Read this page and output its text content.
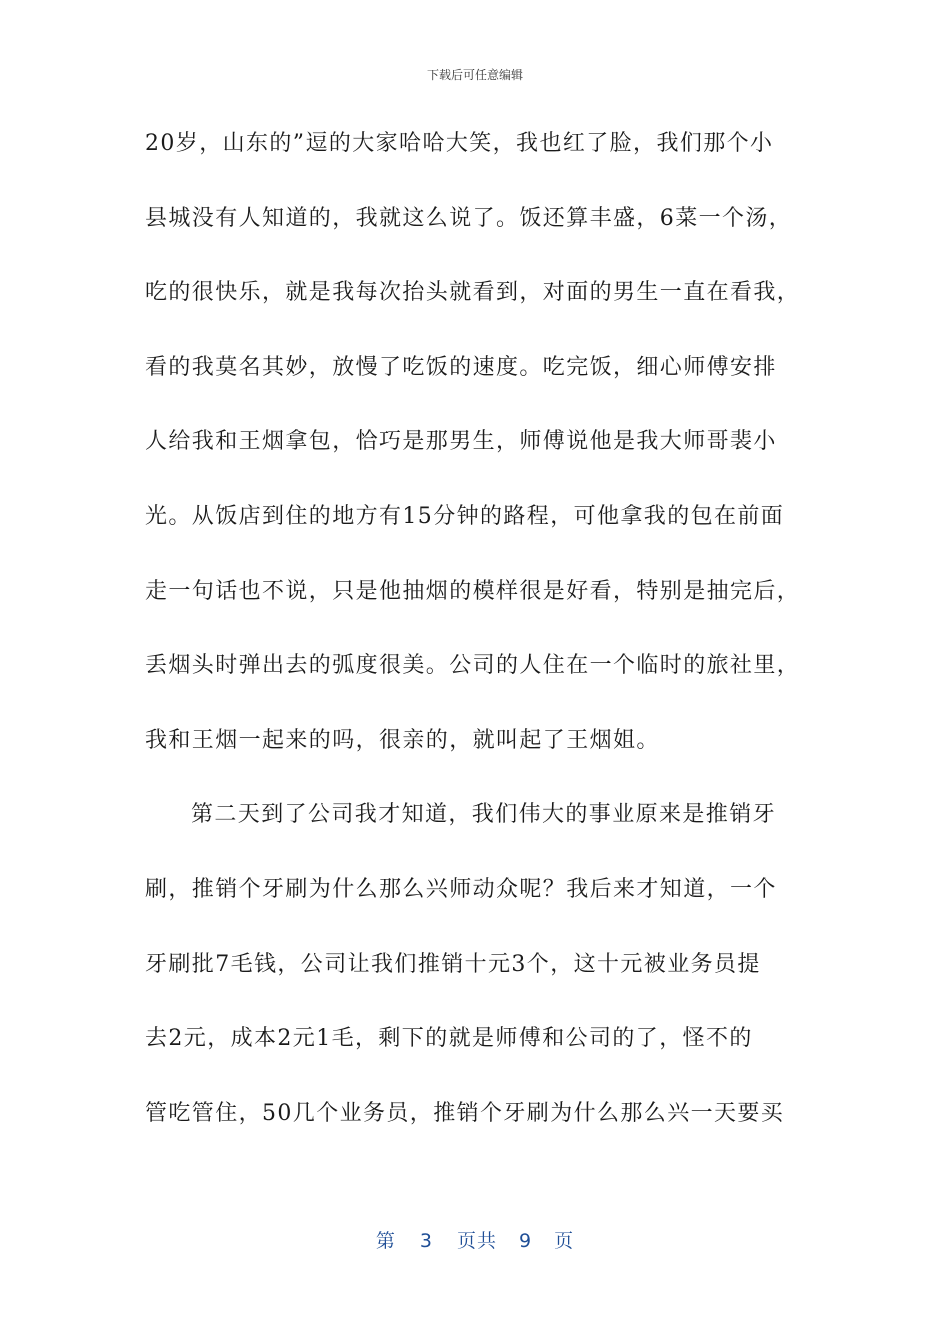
下载后可任意编辑
20岁，山东的”逗的大家哈哈大笑，我也红了脸，我们那个小
县城没有人知道的，我就这么说了。饭还算丰盛，6菜一个汤，
吃的很快乐，就是我每次抬头就看到，对面的男生一直在看我，
看的我莫名其妙，放慢了吃饭的速度。吃完饭，细心师傅安排
人给我和王烟拿包，恰巧是那男生，师傅说他是我大师哥裴小
光。从饭店到住的地方有15分钟的路程，可他拿我的包在前面
走一句话也不说，只是他抽烟的模样很是好看，特别是抽完后，
丢烟头时弹出去的弧度很美。公司的人住在一个临时的旅社里，
我和王烟一起来的吗，很亲的，就叫起了王烟姐。
第二天到了公司我才知道，我们伟大的事业原来是推销牙
刷，推销个牙刷为什么那么兴师动众呢？我后来才知道，一个
牙刷批7毛钱，公司让我们推销十元3个，这十元被业务员提
去2元，成本2元1毛，剩下的就是师傅和公司的了，怪不的
管吃管住，50几个业务员，推销个牙刷为什么那么兴一天要买
第 3 页共 9 页
